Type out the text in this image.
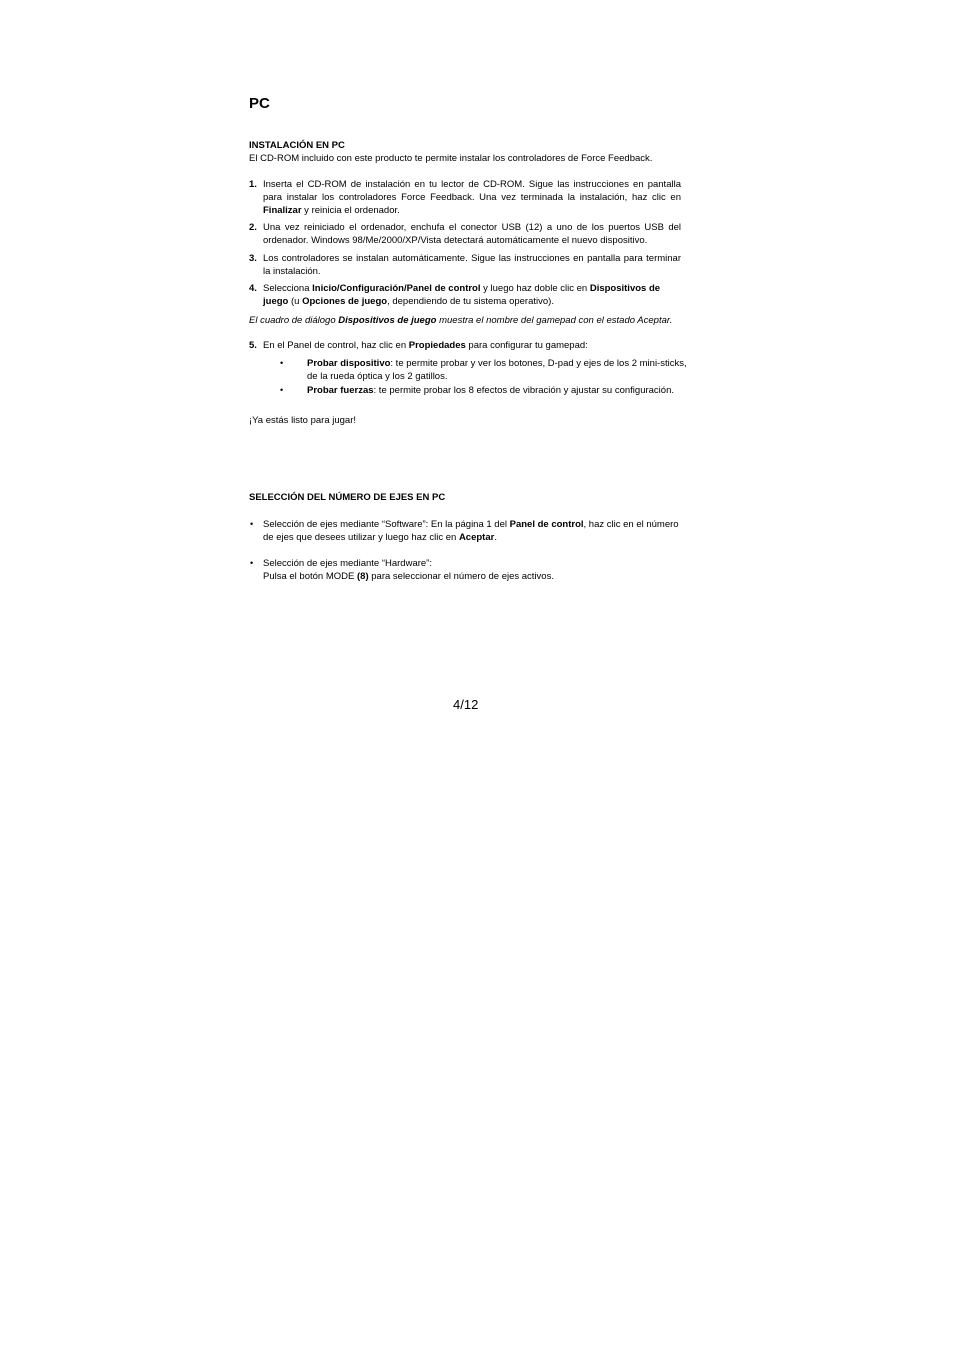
PC
INSTALACIÓN EN PC
El CD-ROM incluido con este producto te permite instalar los controladores de Force Feedback.
1. Inserta el CD-ROM de instalación en tu lector de CD-ROM. Sigue las instrucciones en pantalla para instalar los controladores Force Feedback. Una vez terminada la instalación, haz clic en Finalizar y reinicia el ordenador.
2. Una vez reiniciado el ordenador, enchufa el conector USB (12) a uno de los puertos USB del ordenador. Windows 98/Me/2000/XP/Vista detectará automáticamente el nuevo dispositivo.
3. Los controladores se instalan automáticamente. Sigue las instrucciones en pantalla para terminar la instalación.
4. Selecciona Inicio/Configuración/Panel de control y luego haz doble clic en Dispositivos de juego (u Opciones de juego, dependiendo de tu sistema operativo).
El cuadro de diálogo Dispositivos de juego muestra el nombre del gamepad con el estado Aceptar.
5. En el Panel de control, haz clic en Propiedades para configurar tu gamepad:
•	Probar dispositivo: te permite probar y ver los botones, D-pad y ejes de los 2 mini-sticks, de la rueda óptica y los 2 gatillos.
•	Probar fuerzas: te permite probar los 8 efectos de vibración y ajustar su configuración.
¡Ya estás listo para jugar!
SELECCIÓN DEL NÚMERO DE EJES EN PC
• Selección de ejes mediante “Software”: En la página 1 del Panel de control, haz clic en el número de ejes que desees utilizar y luego haz clic en Aceptar.
• Selección de ejes mediante “Hardware”:
Pulsa el botón MODE (8) para seleccionar el número de ejes activos.
4/12
